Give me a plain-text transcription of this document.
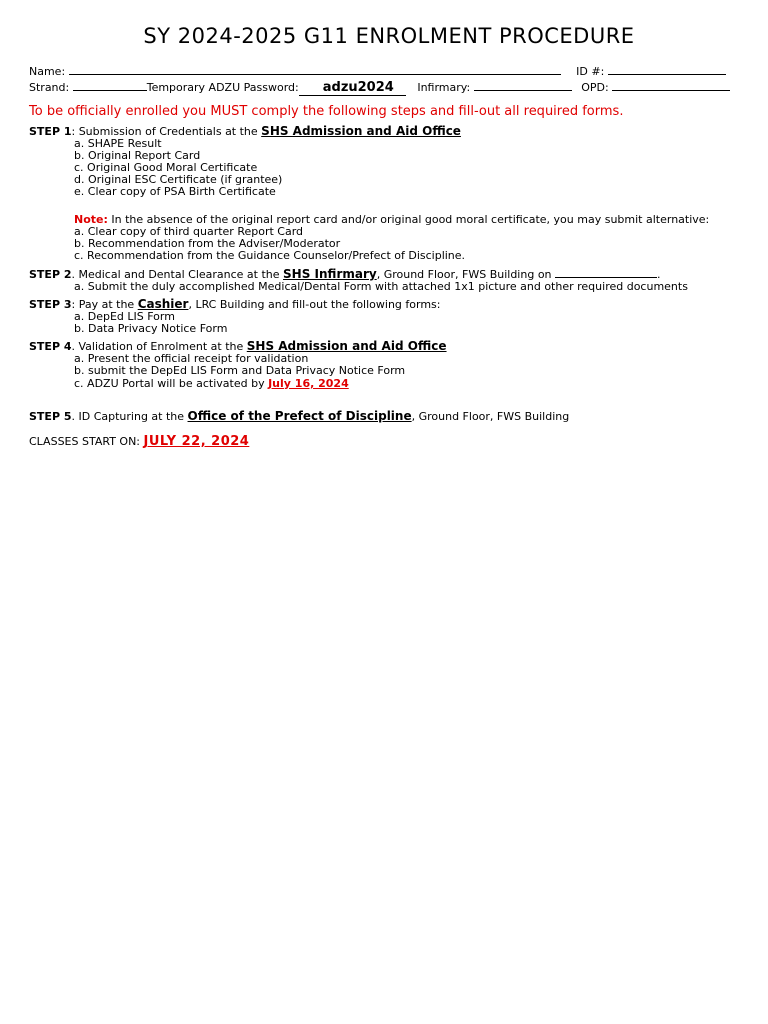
SY 2024-2025 G11 ENROLMENT PROCEDURE
Name:	ID #:
Strand:	Temporary ADZU Password: adzu2024 Infirmary:	OPD:
To be officially enrolled you MUST comply the following steps and fill-out all required forms.
STEP 1: Submission of Credentials at the SHS Admission and Aid Office
a. SHAPE Result
b. Original Report Card
c. Original Good Moral Certificate
d. Original ESC Certificate (if grantee)
e. Clear copy of PSA Birth Certificate
Note: In the absence of the original report card and/or original good moral certificate, you may submit alternative:
a. Clear copy of third quarter Report Card
b. Recommendation from the Adviser/Moderator
c. Recommendation from the Guidance Counselor/Prefect of Discipline.
STEP 2. Medical and Dental Clearance at the SHS Infirmary, Ground Floor, FWS Building on	.
a. Submit the duly accomplished Medical/Dental Form with attached 1x1 picture and other required documents
STEP 3: Pay at the Cashier, LRC Building and fill-out the following forms:
a. DepEd LIS Form
b. Data Privacy Notice Form
STEP 4. Validation of Enrolment at the SHS Admission and Aid Office
a. Present the official receipt for validation
b. submit the DepEd LIS Form and Data Privacy Notice Form
c. ADZU Portal will be activated by July 16, 2024
STEP 5. ID Capturing at the Office of the Prefect of Discipline, Ground Floor, FWS Building
CLASSES START ON: JULY 22, 2024
